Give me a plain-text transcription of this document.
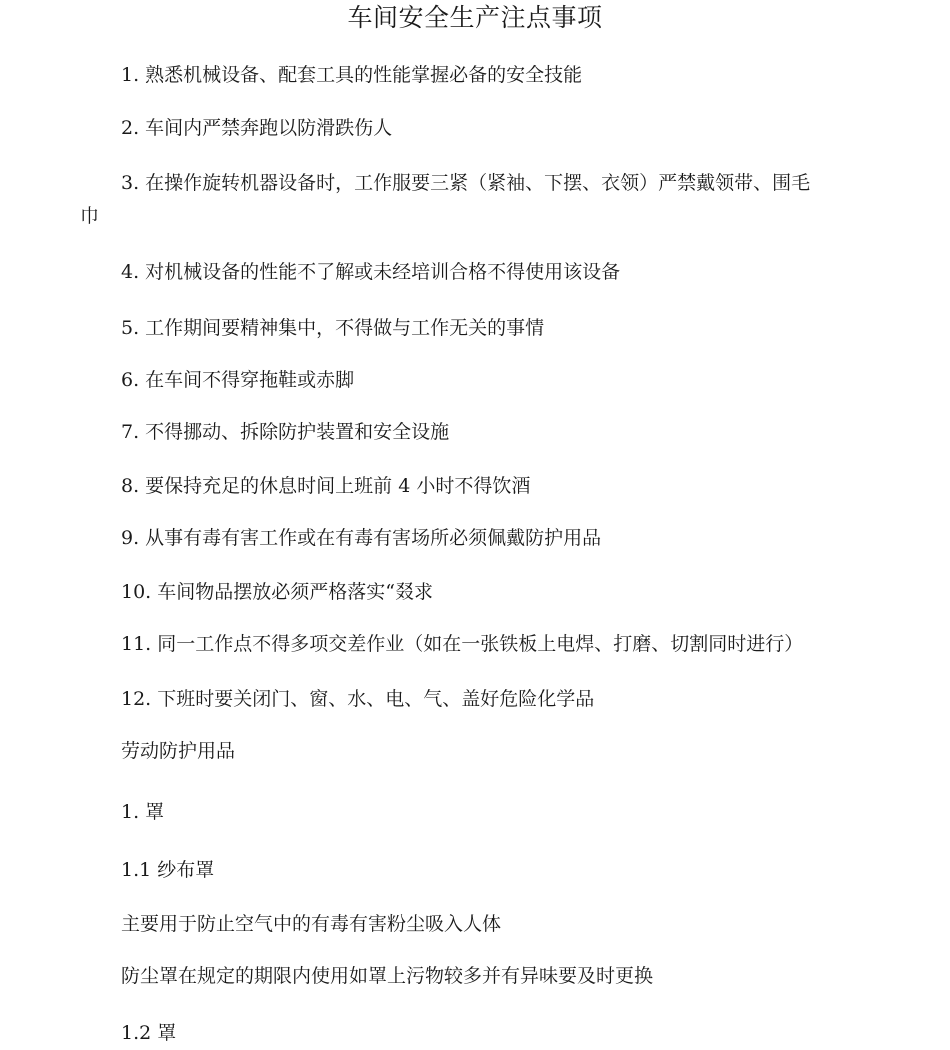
车间安全生产注点事项
1. 熟悉机械设备、配套工具的性能掌握必备的安全技能
2. 车间内严禁奔跑以防滑跌伤人
3. 在操作旋转机器设备时，工作服要三紧（紧袖、下摆、衣领）严禁戴领带、围毛
巾
4. 对机械设备的性能不了解或未经培训合格不得使用该设备
5. 工作期间要精神集中，不得做与工作无关的事情
6. 在车间不得穿拖鞋或赤脚
7. 不得挪动、拆除防护装置和安全设施
8. 要保持充足的休息时间上班前 4 小时不得饮酒
9. 从事有毒有害工作或在有毒有害场所必须佩戴防护用品
10. 车间物品摆放必须严格落实“叕求
11. 同一工作点不得多项交差作业（如在一张铁板上电焊、打磨、切割同时进行）
12. 下班时要关闭门、窗、水、电、气、盖好危险化学品
劳动防护用品
1. 罩
1.1 纱布罩
主要用于防止空气中的有毒有害粉尘吸入人体
防尘罩在规定的期限内使用如罩上污物较多并有异味要及时更换
1.2 罩
